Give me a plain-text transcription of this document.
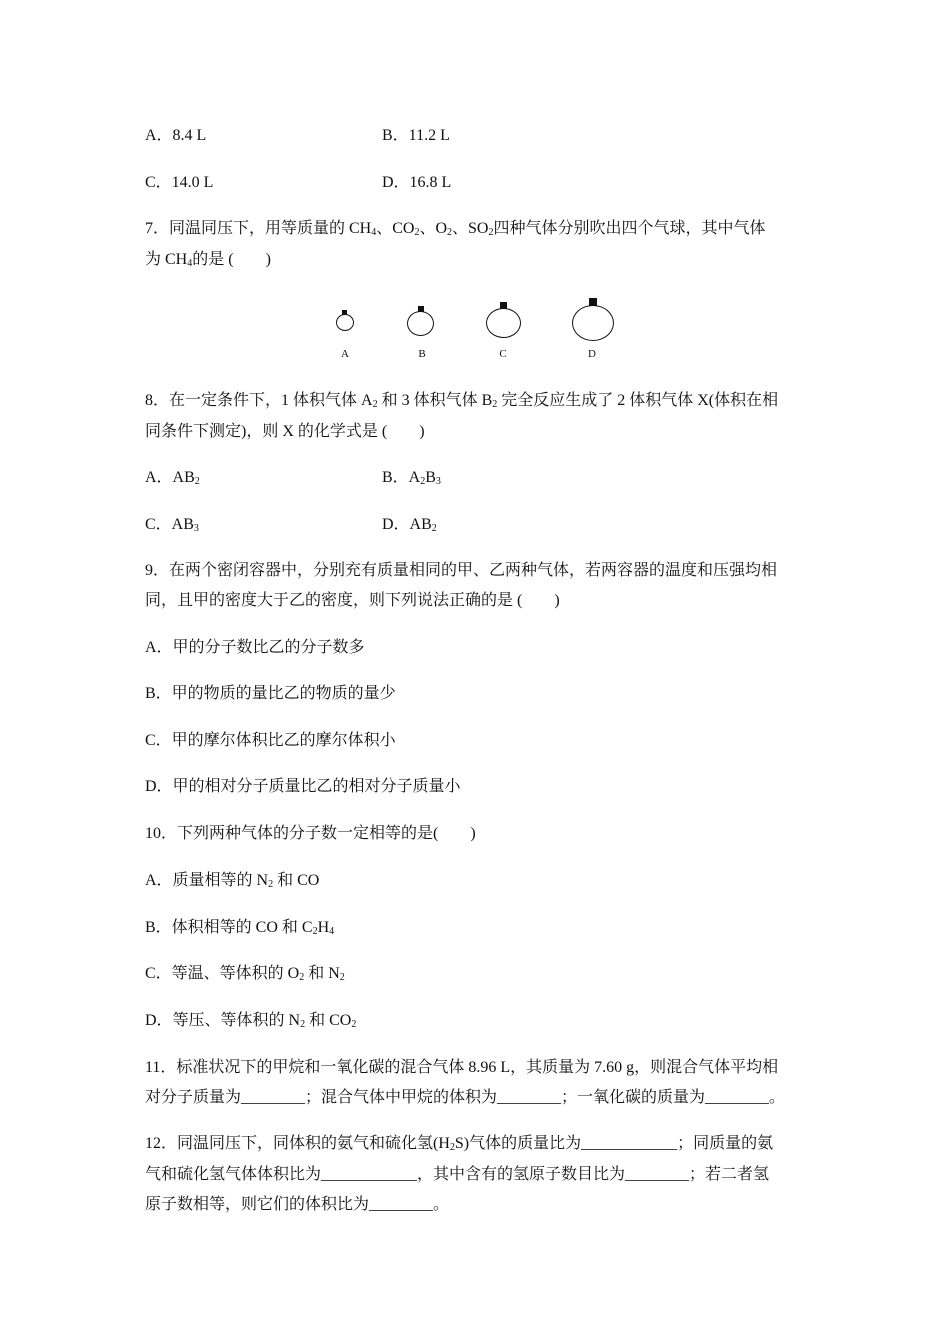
A．8.4 L	B．11.2 L
C．14.0 L	D．16.8 L
7．同温同压下，用等质量的 $CH_4$、$CO_2$、$O_2$、$SO_2$四种气体分别吹出四个气球，其中气体
为 $CH_4$的是 (　　)
A	B	C	D
8．在一定条件下，1 体积气体 $A_2$ 和 3 体积气体 $B_2$ 完全反应生成了 2 体积气体 X(体积在相
同条件下测定)，则 X 的化学式是 (　　)
A．$AB_2$	B．$A_2B_3$
C．$AB_3$	D．$AB_2$
9．在两个密闭容器中，分别充有质量相同的甲、乙两种气体，若两容器的温度和压强均相
同，且甲的密度大于乙的密度，则下列说法正确的是 (　　)
A．甲的分子数比乙的分子数多
B．甲的物质的量比乙的物质的量少
C．甲的摩尔体积比乙的摩尔体积小
D．甲的相对分子质量比乙的相对分子质量小
10．下列两种气体的分子数一定相等的是(　　)
A．质量相等的 $N_2$ 和 CO
B．体积相等的 CO 和 $C_2H_4$
C．等温、等体积的 $O_2$ 和 $N_2$
D．等压、等体积的 $N_2$ 和 $CO_2$
11．标准状况下的甲烷和一氧化碳的混合气体 8.96 L，其质量为 7.60 g，则混合气体平均相
对分子质量为________；混合气体中甲烷的体积为________；一氧化碳的质量为________。
12．同温同压下，同体积的氨气和硫化氢$(H_2S)$气体的质量比为____________；同质量的氨
气和硫化氢气体体积比为____________，其中含有的氢原子数目比为________；若二者氢
原子数相等，则它们的体积比为________。
